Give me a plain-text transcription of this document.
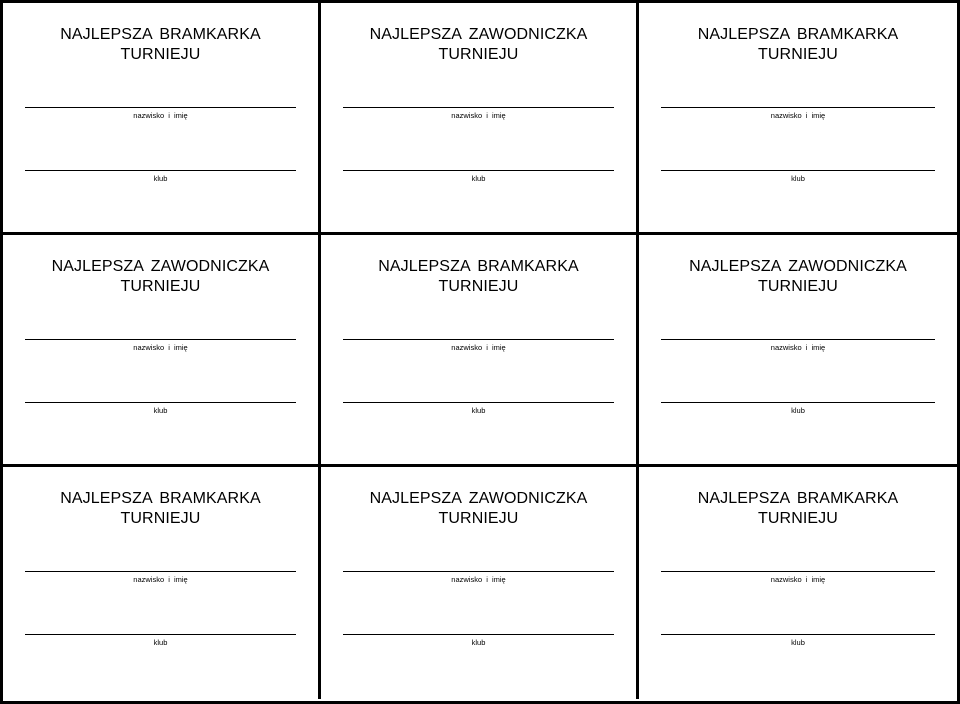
NAJLEPSZA BRAMKARKA
TURNIEJU
nazwisko i imię
klub
NAJLEPSZA ZAWODNICZKA
TURNIEJU
nazwisko i imię
klub
NAJLEPSZA BRAMKARKA
TURNIEJU
nazwisko i imię
klub
NAJLEPSZA ZAWODNICZKA
TURNIEJU
nazwisko i imię
klub
NAJLEPSZA BRAMKARKA
TURNIEJU
nazwisko i imię
klub
NAJLEPSZA ZAWODNICZKA
TURNIEJU
nazwisko i imię
klub
NAJLEPSZA BRAMKARKA
TURNIEJU
nazwisko i imię
klub
NAJLEPSZA ZAWODNICZKA
TURNIEJU
nazwisko i imię
klub
NAJLEPSZA BRAMKARKA
TURNIEJU
nazwisko i imię
klub
